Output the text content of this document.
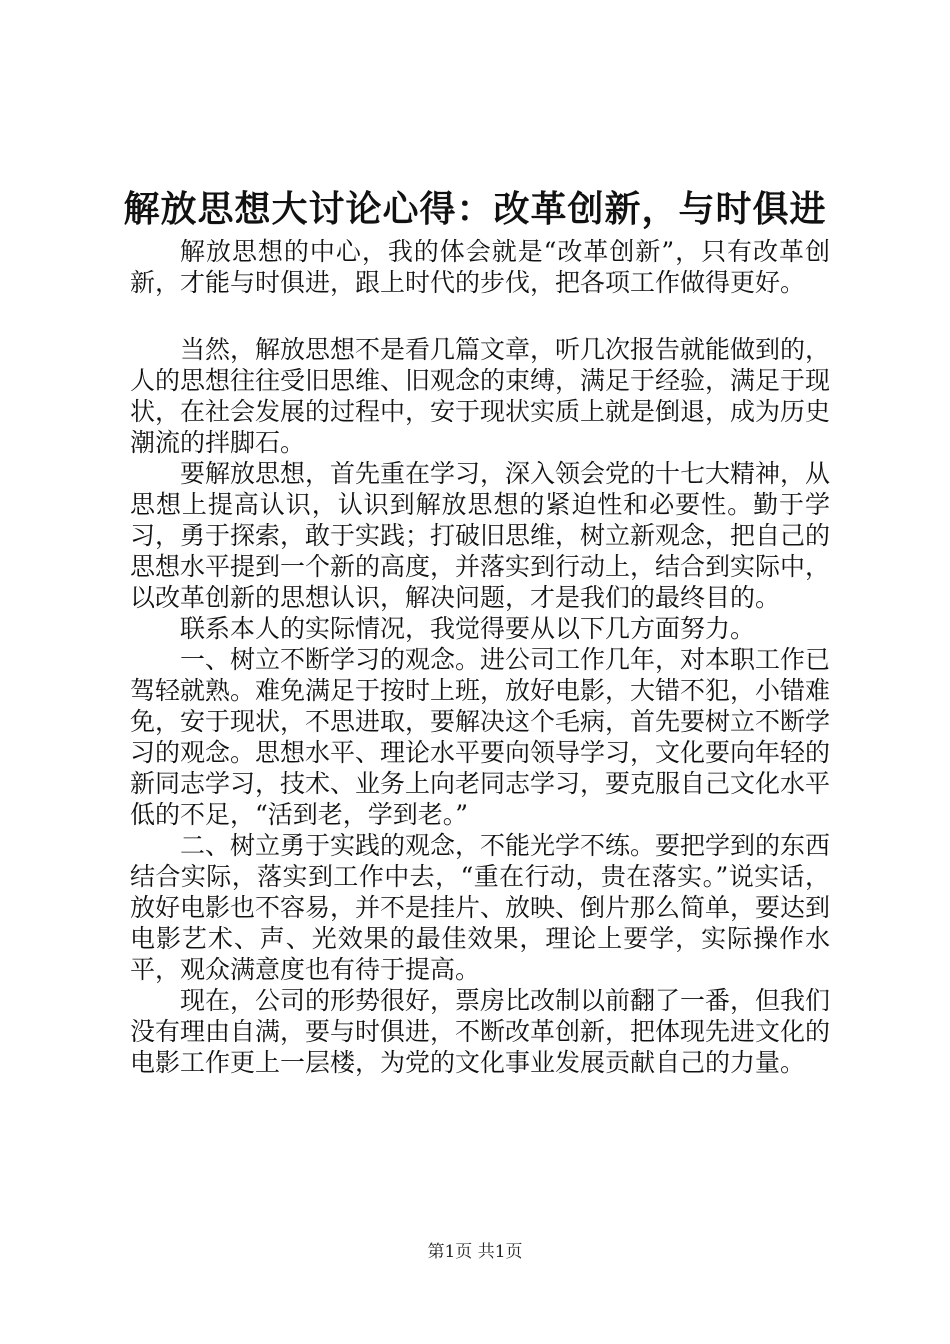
解放思想大讨论心得：改革创新，与时俱进

解放思想的中心，我的体会就是“改革创新”，只有改革创新，才能与时俱进，跟上时代的步伐，把各项工作做得更好。

当然，解放思想不是看几篇文章，听几次报告就能做到的，人的思想往往受旧思维、旧观念的束缚，满足于经验，满足于现状，在社会发展的过程中，安于现状实质上就是倒退，成为历史潮流的拌脚石。

要解放思想，首先重在学习，深入领会党的十七大精神，从思想上提高认识，认识到解放思想的紧迫性和必要性。勤于学习，勇于探索，敢于实践；打破旧思维，树立新观念，把自己的思想水平提到一个新的高度，并落实到行动上，结合到实际中，以改革创新的思想认识，解决问题，才是我们的最终目的。

联系本人的实际情况，我觉得要从以下几方面努力。

一、树立不断学习的观念。进公司工作几年，对本职工作已驾轻就熟。难免满足于按时上班，放好电影，大错不犯，小错难免，安于现状，不思进取，要解决这个毛病，首先要树立不断学习的观念。思想水平、理论水平要向领导学习，文化要向年轻的新同志学习，技术、业务上向老同志学习，要克服自己文化水平低的不足，“活到老，学到老。”

二、树立勇于实践的观念，不能光学不练。要把学到的东西结合实际，落实到工作中去，“重在行动，贵在落实。”说实话，放好电影也不容易，并不是挂片、放映、倒片那么简单，要达到电影艺术、声、光效果的最佳效果，理论上要学，实际操作水平，观众满意度也有待于提高。

现在，公司的形势很好，票房比改制以前翻了一番，但我们没有理由自满，要与时俱进，不断改革创新，把体现先进文化的电影工作更上一层楼，为党的文化事业发展贡献自己的力量。

第1页 共1页
